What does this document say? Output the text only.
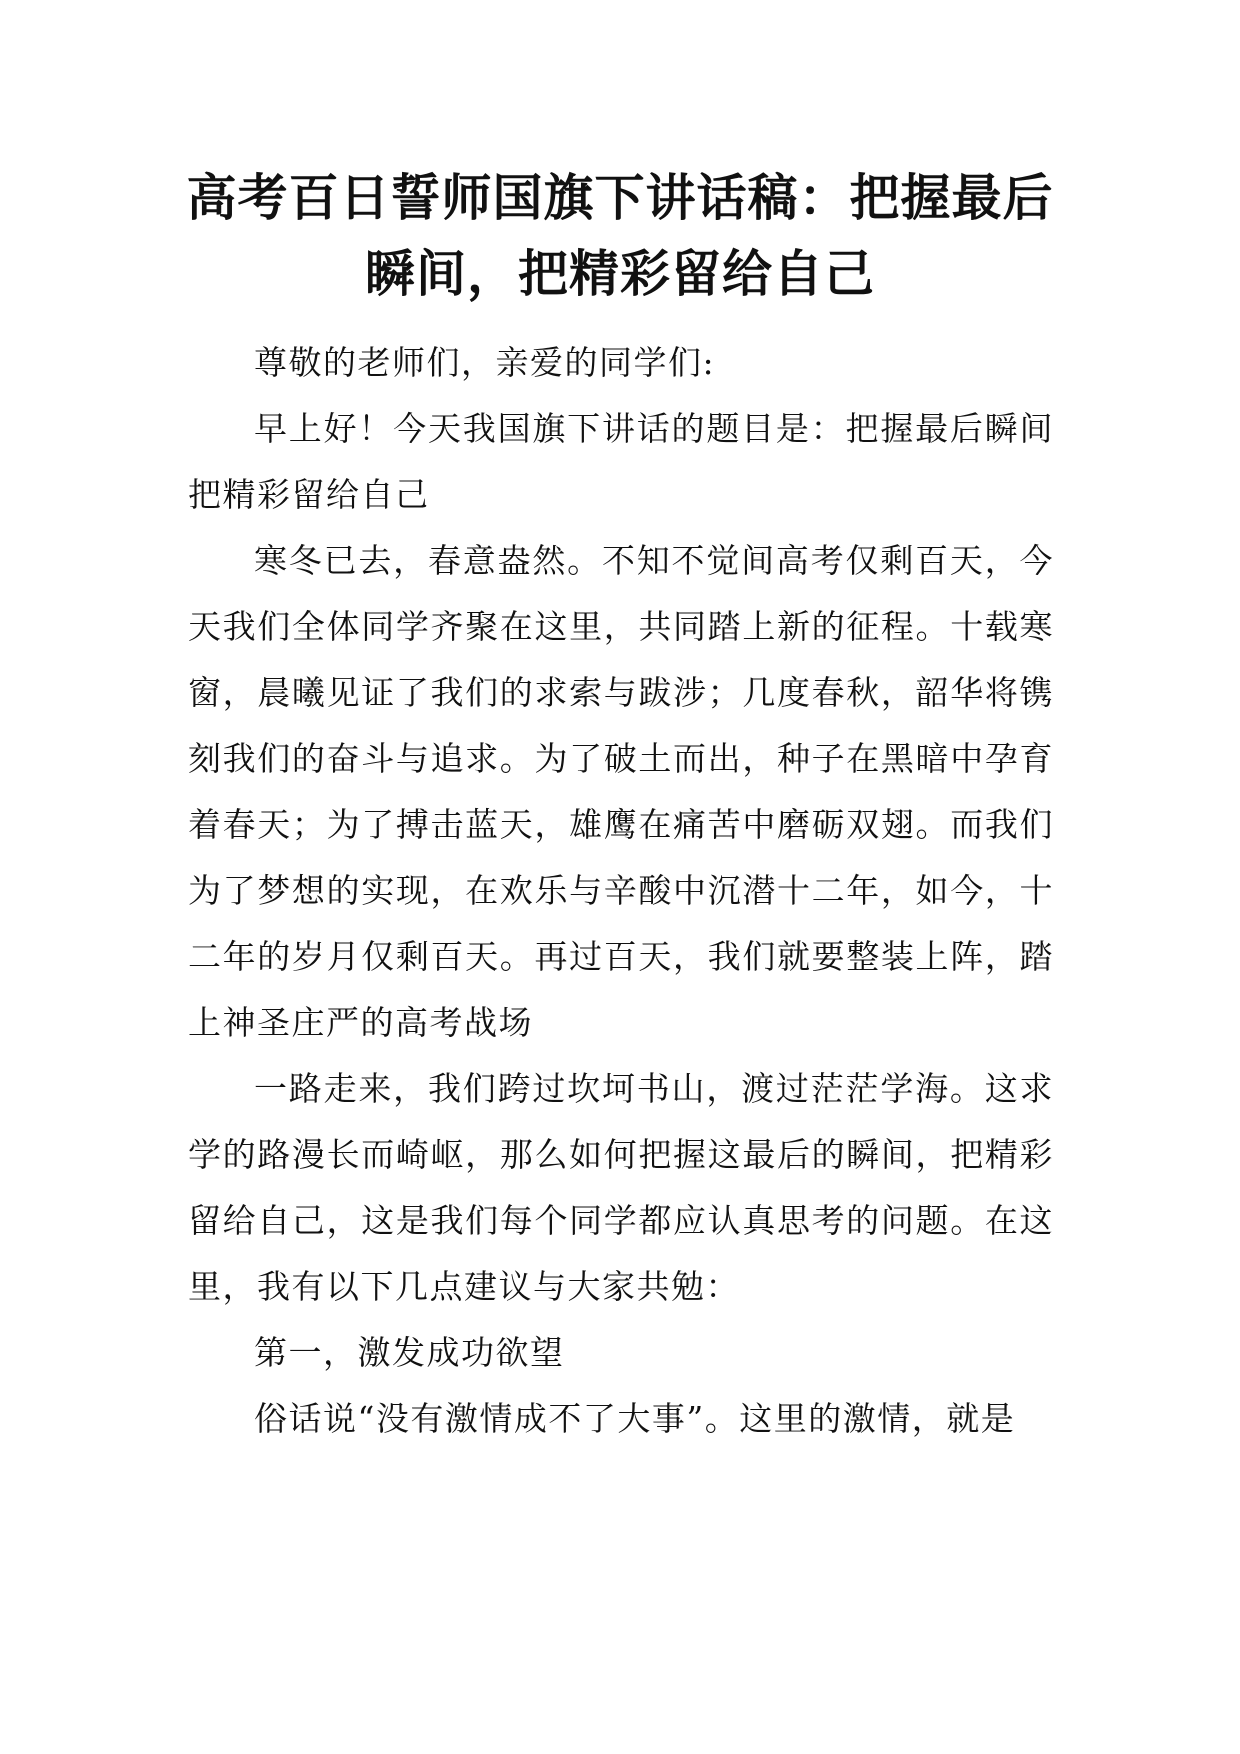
高考百日誓师国旗下讲话稿：把握最后瞬间，把精彩留给自己

尊敬的老师们，亲爱的同学们:

早上好！今天我国旗下讲话的题目是：把握最后瞬间把精彩留给自己

寒冬已去，春意盎然。不知不觉间高考仅剩百天，今天我们全体同学齐聚在这里，共同踏上新的征程。十载寒窗，晨曦见证了我们的求索与跋涉；几度春秋，韶华将镌刻我们的奋斗与追求。为了破土而出，种子在黑暗中孕育着春天；为了搏击蓝天，雄鹰在痛苦中磨砺双翅。而我们为了梦想的实现，在欢乐与辛酸中沉潜十二年，如今，十二年的岁月仅剩百天。再过百天，我们就要整装上阵，踏上神圣庄严的高考战场

一路走来，我们跨过坎坷书山，渡过茫茫学海。这求学的路漫长而崎岖，那么如何把握这最后的瞬间，把精彩留给自己，这是我们每个同学都应认真思考的问题。在这里，我有以下几点建议与大家共勉：

第一，激发成功欲望

俗话说“没有激情成不了大事”。这里的激情，就是
